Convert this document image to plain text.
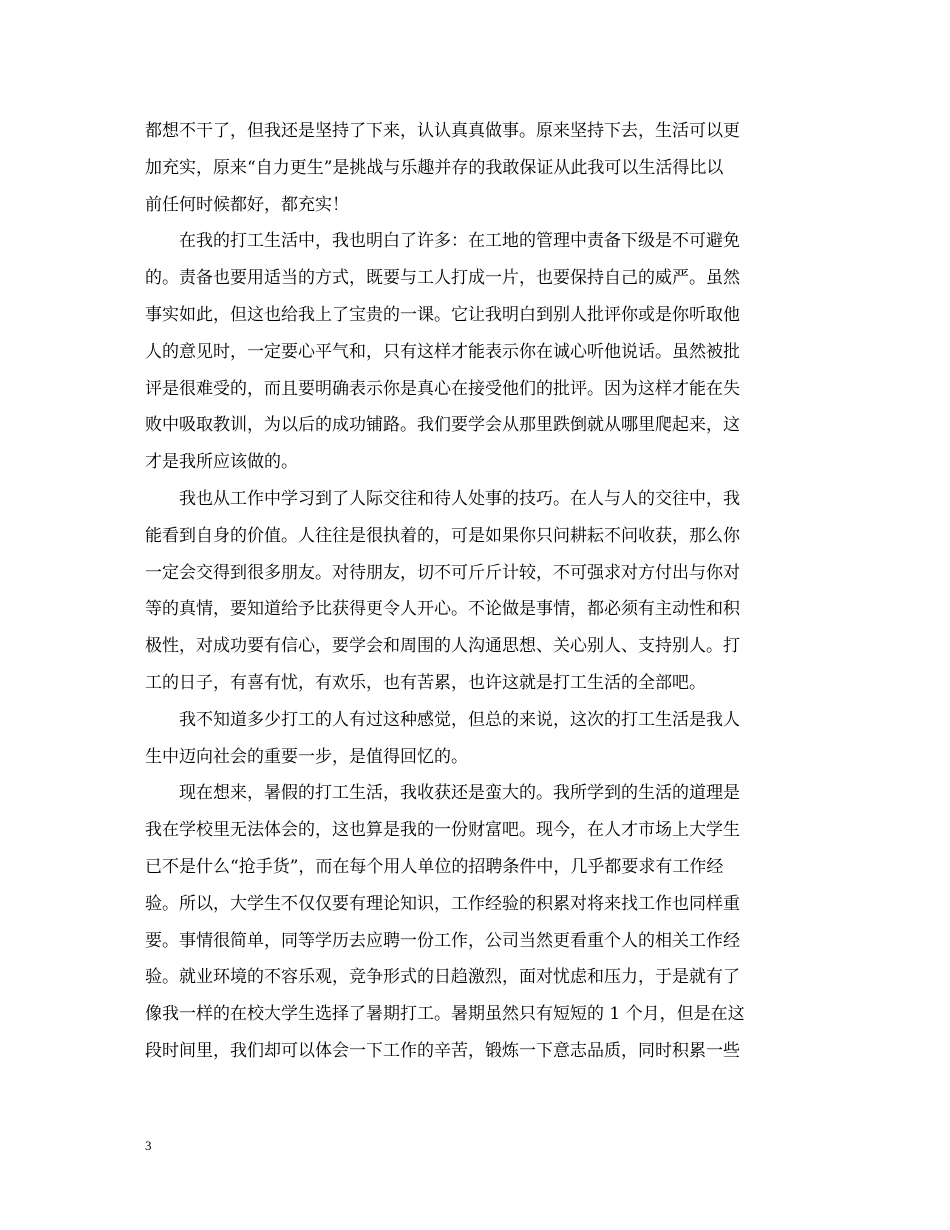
都想不干了，但我还是坚持了下来，认认真真做事。原来坚持下去，生活可以更
加充实，原来“自力更生”是挑战与乐趣并存的我敢保证从此我可以生活得比以
前任何时候都好，都充实！
　　在我的打工生活中，我也明白了许多：在工地的管理中责备下级是不可避免
的。责备也要用适当的方式，既要与工人打成一片，也要保持自己的威严。虽然
事实如此，但这也给我上了宝贵的一课。它让我明白到别人批评你或是你听取他
人的意见时，一定要心平气和，只有这样才能表示你在诚心听他说话。虽然被批
评是很难受的，而且要明确表示你是真心在接受他们的批评。因为这样才能在失
败中吸取教训，为以后的成功铺路。我们要学会从那里跌倒就从哪里爬起来，这
才是我所应该做的。
　　我也从工作中学习到了人际交往和待人处事的技巧。在人与人的交往中，我
能看到自身的价值。人往往是很执着的，可是如果你只问耕耘不问收获，那么你
一定会交得到很多朋友。对待朋友，切不可斤斤计较，不可强求对方付出与你对
等的真情，要知道给予比获得更令人开心。不论做是事情，都必须有主动性和积
极性，对成功要有信心，要学会和周围的人沟通思想、关心别人、支持别人。打
工的日子，有喜有忧，有欢乐，也有苦累，也许这就是打工生活的全部吧。
　　我不知道多少打工的人有过这种感觉，但总的来说，这次的打工生活是我人
生中迈向社会的重要一步，是值得回忆的。
　　现在想来，暑假的打工生活，我收获还是蛮大的。我所学到的生活的道理是
我在学校里无法体会的，这也算是我的一份财富吧。现今，在人才市场上大学生
已不是什么“抢手货”，而在每个用人单位的招聘条件中，几乎都要求有工作经
验。所以，大学生不仅仅要有理论知识，工作经验的积累对将来找工作也同样重
要。事情很简单，同等学历去应聘一份工作，公司当然更看重个人的相关工作经
验。就业环境的不容乐观，竞争形式的日趋激烈，面对忧虑和压力，于是就有了
像我一样的在校大学生选择了暑期打工。暑期虽然只有短短的 1 个月，但是在这
段时间里，我们却可以体会一下工作的辛苦，锻炼一下意志品质，同时积累一些
3
